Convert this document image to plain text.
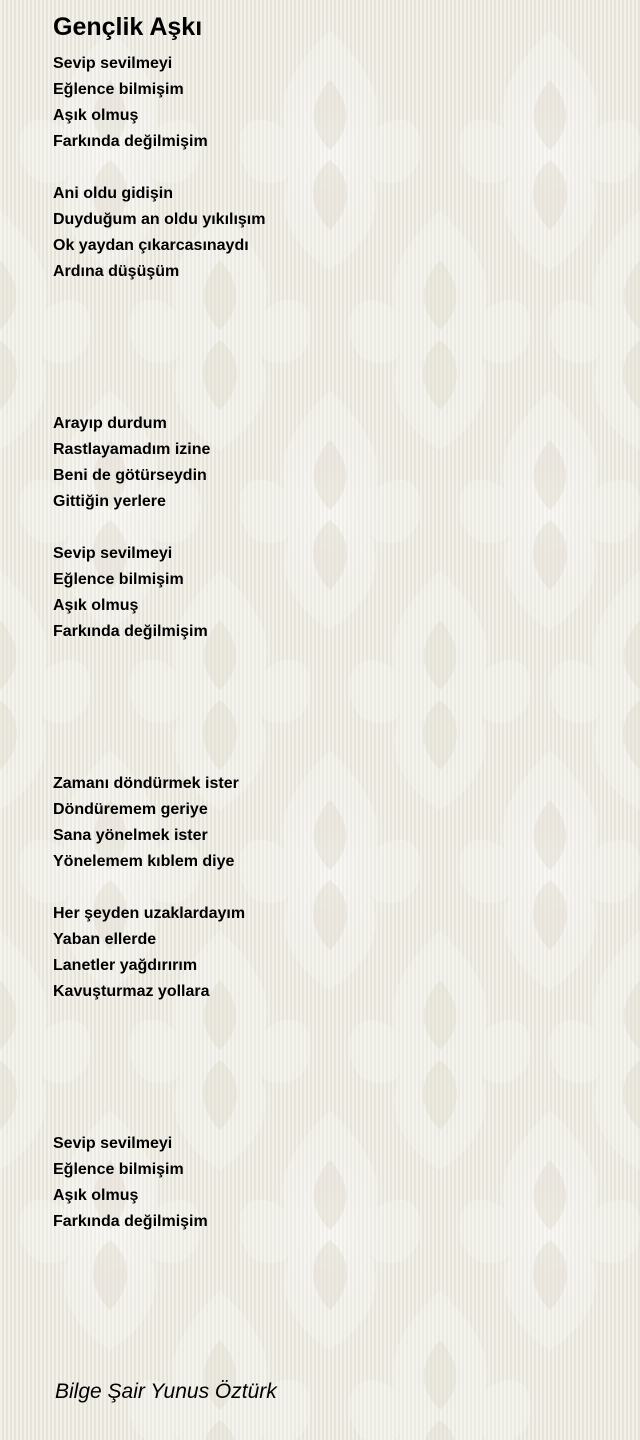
Gençlik Aşkı
Sevip sevilmeyi
Eğlence bilmişim
Aşık olmuş
Farkında değilmişim
Ani oldu gidişin
Duyduğum an oldu yıkılışım
Ok yaydan çıkarcasınaydı
Ardına düşüşüm
Arayıp durdum
Rastlayamadım izine
Beni de götürseydin
Gittiğin yerlere
Sevip sevilmeyi
Eğlence bilmişim
Aşık olmuş
Farkında değilmişim
Zamanı döndürmek ister
Döndüremem geriye
Sana yönelmek ister
Yönelemem kıblem diye
Her şeyden uzaklardayım
Yaban ellerde
Lanetler yağdırırım
Kavuşturmaz yollara
Sevip sevilmeyi
Eğlence bilmişim
Aşık olmuş
Farkında değilmişim
Bilge Şair Yunus Öztürk
